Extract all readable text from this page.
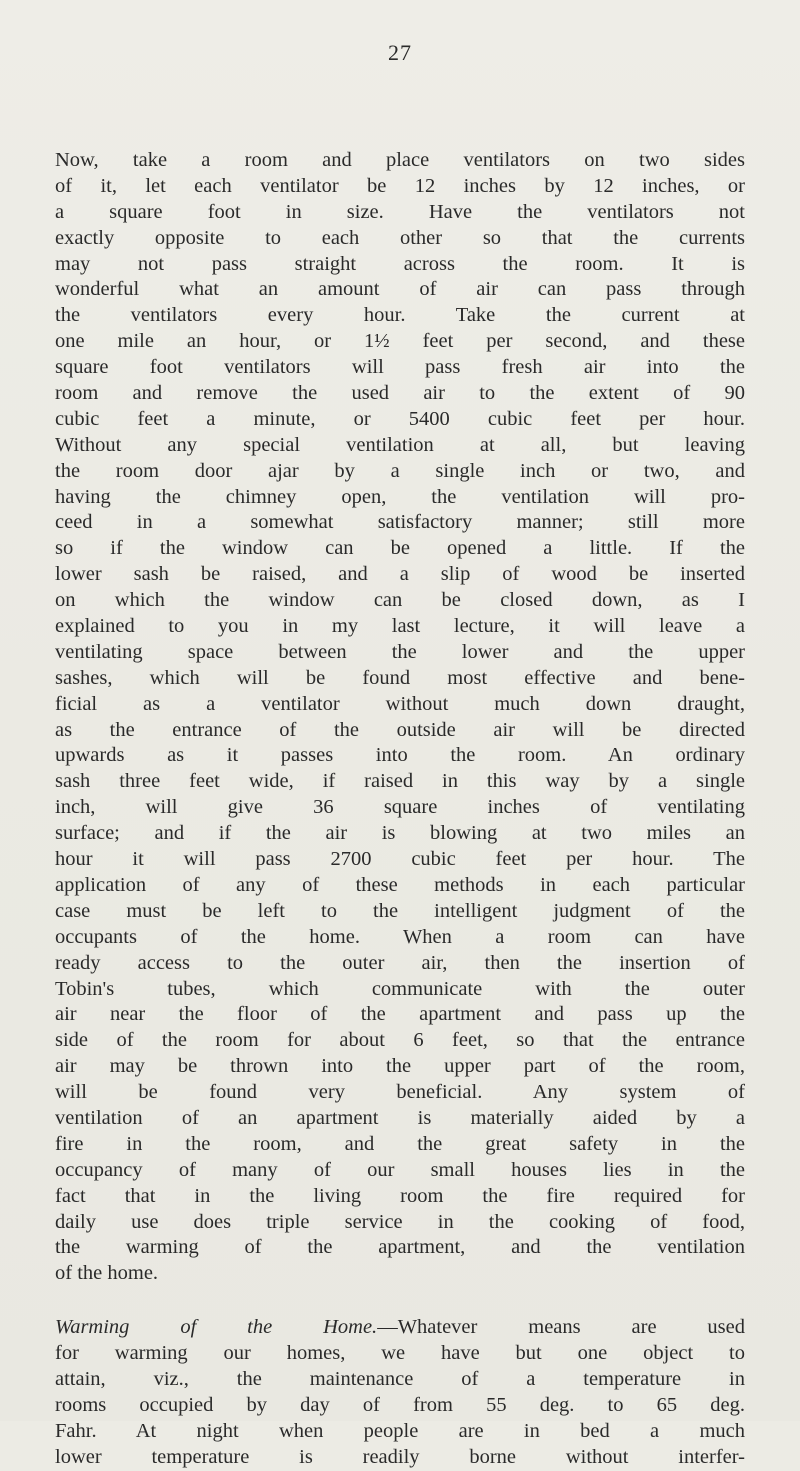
27
Now, take a room and place ventilators on two sides
of it, let each ventilator be 12 inches by 12 inches, or
a square foot in size. Have the ventilators not
exactly opposite to each other so that the currents
may not pass straight across the room. It is
wonderful what an amount of air can pass through
the ventilators every hour. Take the current at
one mile an hour, or 1½ feet per second, and these
square foot ventilators will pass fresh air into the
room and remove the used air to the extent of 90
cubic feet a minute, or 5400 cubic feet per hour.
Without any special ventilation at all, but leaving
the room door ajar by a single inch or two, and
having the chimney open, the ventilation will pro-
ceed in a somewhat satisfactory manner; still more
so if the window can be opened a little. If the
lower sash be raised, and a slip of wood be inserted
on which the window can be closed down, as I
explained to you in my last lecture, it will leave a
ventilating space between the lower and the upper
sashes, which will be found most effective and bene-
ficial as a ventilator without much down draught,
as the entrance of the outside air will be directed
upwards as it passes into the room. An ordinary
sash three feet wide, if raised in this way by a single
inch, will give 36 square inches of ventilating
surface; and if the air is blowing at two miles an
hour it will pass 2700 cubic feet per hour. The
application of any of these methods in each particular
case must be left to the intelligent judgment of the
occupants of the home. When a room can have
ready access to the outer air, then the insertion of
Tobin's tubes, which communicate with the outer
air near the floor of the apartment and pass up the
side of the room for about 6 feet, so that the entrance
air may be thrown into the upper part of the room,
will be found very beneficial. Any system of
ventilation of an apartment is materially aided by a
fire in the room, and the great safety in the
occupancy of many of our small houses lies in the
fact that in the living room the fire required for
daily use does triple service in the cooking of food,
the warming of the apartment, and the ventilation
of the home.
Warming of the Home.—Whatever means are used
for warming our homes, we have but one object to
attain, viz., the maintenance of a temperature in
rooms occupied by day of from 55 deg. to 65 deg.
Fahr. At night when people are in bed a much
lower temperature is readily borne without interfer-
